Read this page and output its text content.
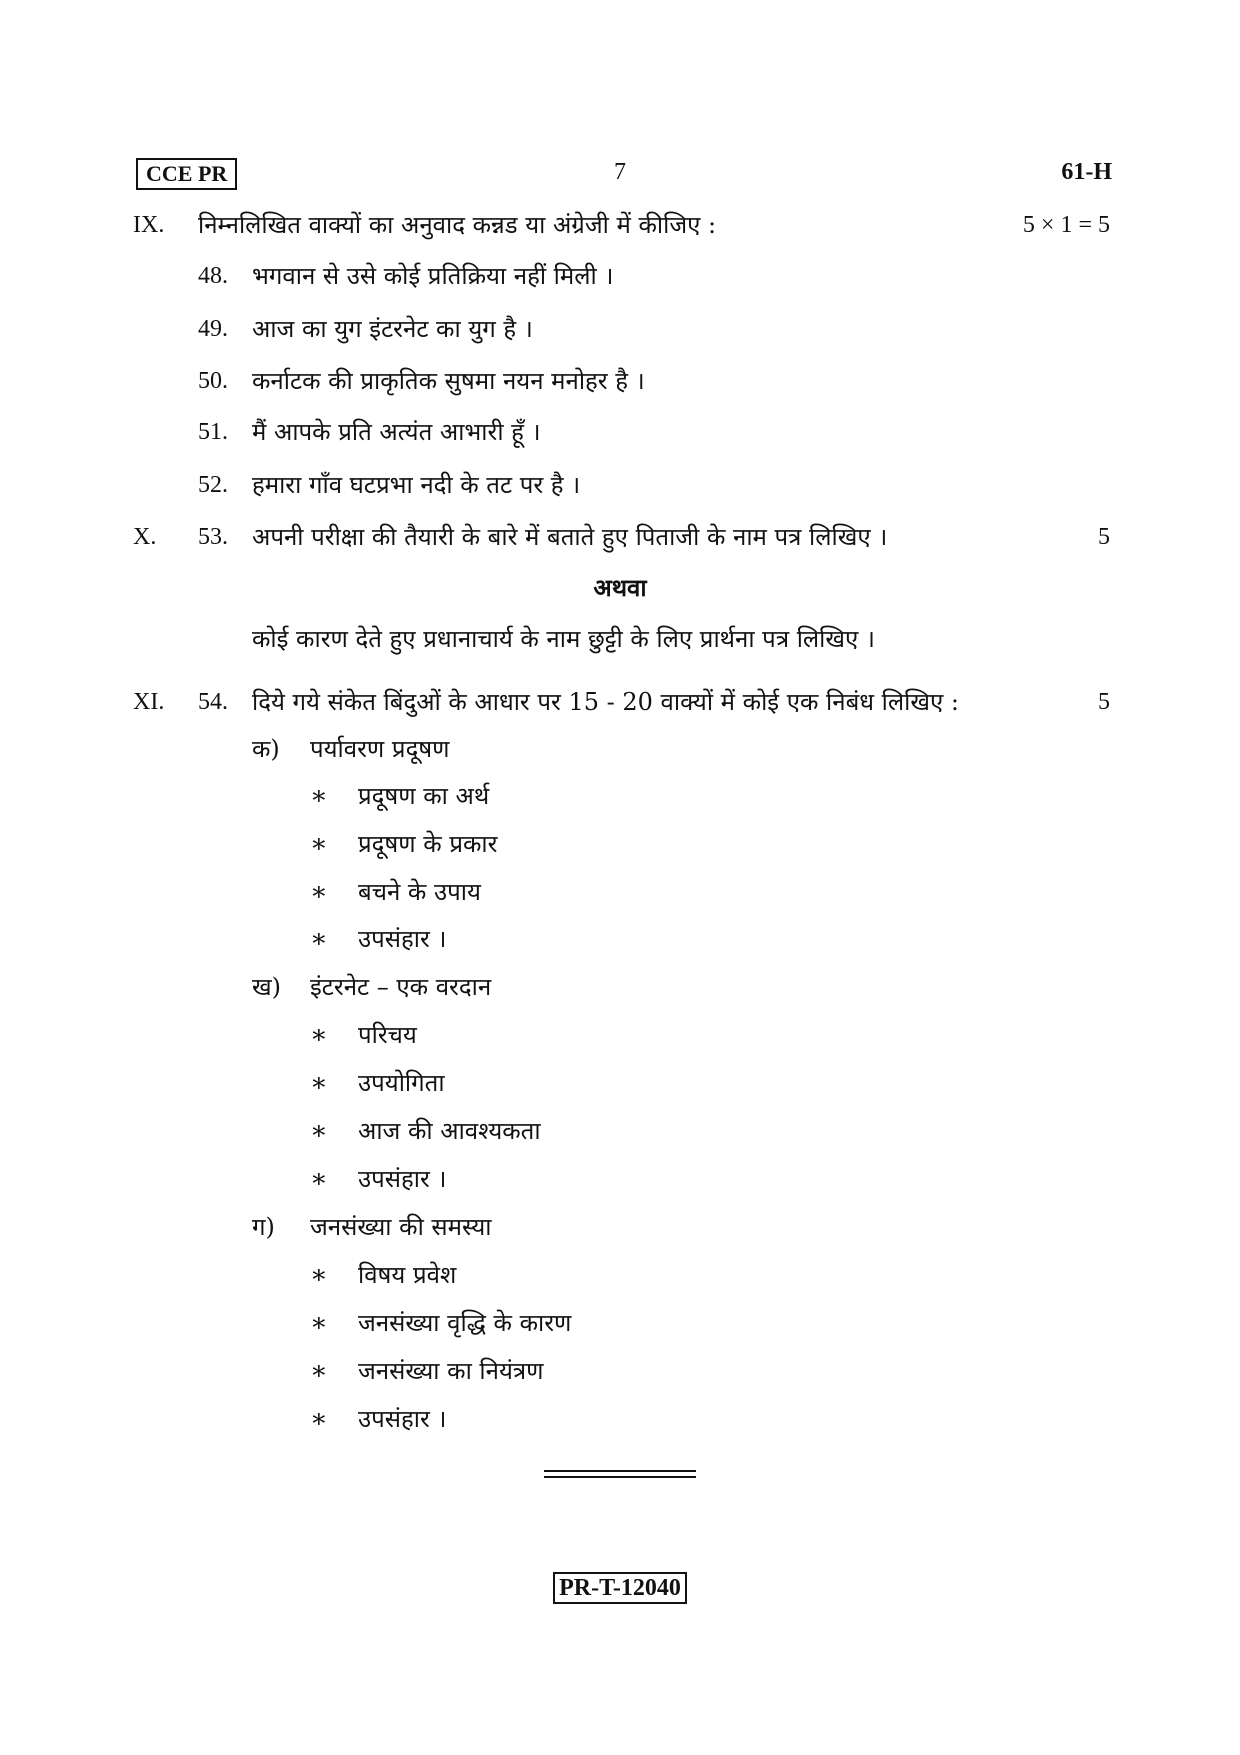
CCE PR	7	61-H
IX. निम्नलिखित वाक्यों का अनुवाद कन्नड या अंग्रेजी में कीजिए :	5 × 1 = 5
48. भगवान से उसे कोई प्रतिक्रिया नहीं मिली ।
49. आज का युग इंटरनेट का युग है ।
50. कर्नाटक की प्राकृतिक सुषमा नयन मनोहर है ।
51. मैं आपके प्रति अत्यंत आभारी हूँ ।
52. हमारा गाँव घटप्रभा नदी के तट पर है ।
X. 53. अपनी परीक्षा की तैयारी के बारे में बताते हुए पिताजी के नाम पत्र लिखिए ।	5
अथवा
कोई कारण देते हुए प्रधानाचार्य के नाम छुट्टी के लिए प्रार्थना पत्र लिखिए ।
XI. 54. दिये गये संकेत बिंदुओं के आधार पर 15 - 20 वाक्यों में कोई एक निबंध लिखिए :	5
क) पर्यावरण प्रदूषण
∗ प्रदूषण का अर्थ
∗ प्रदूषण के प्रकार
∗ बचने के उपाय
∗ उपसंहार ।
ख) इंटरनेट – एक वरदान
∗ परिचय
∗ उपयोगिता
∗ आज की आवश्यकता
∗ उपसंहार ।
ग) जनसंख्या की समस्या
∗ विषय प्रवेश
∗ जनसंख्या वृद्धि के कारण
∗ जनसंख्या का नियंत्रण
∗ उपसंहार ।
PR-T-12040
